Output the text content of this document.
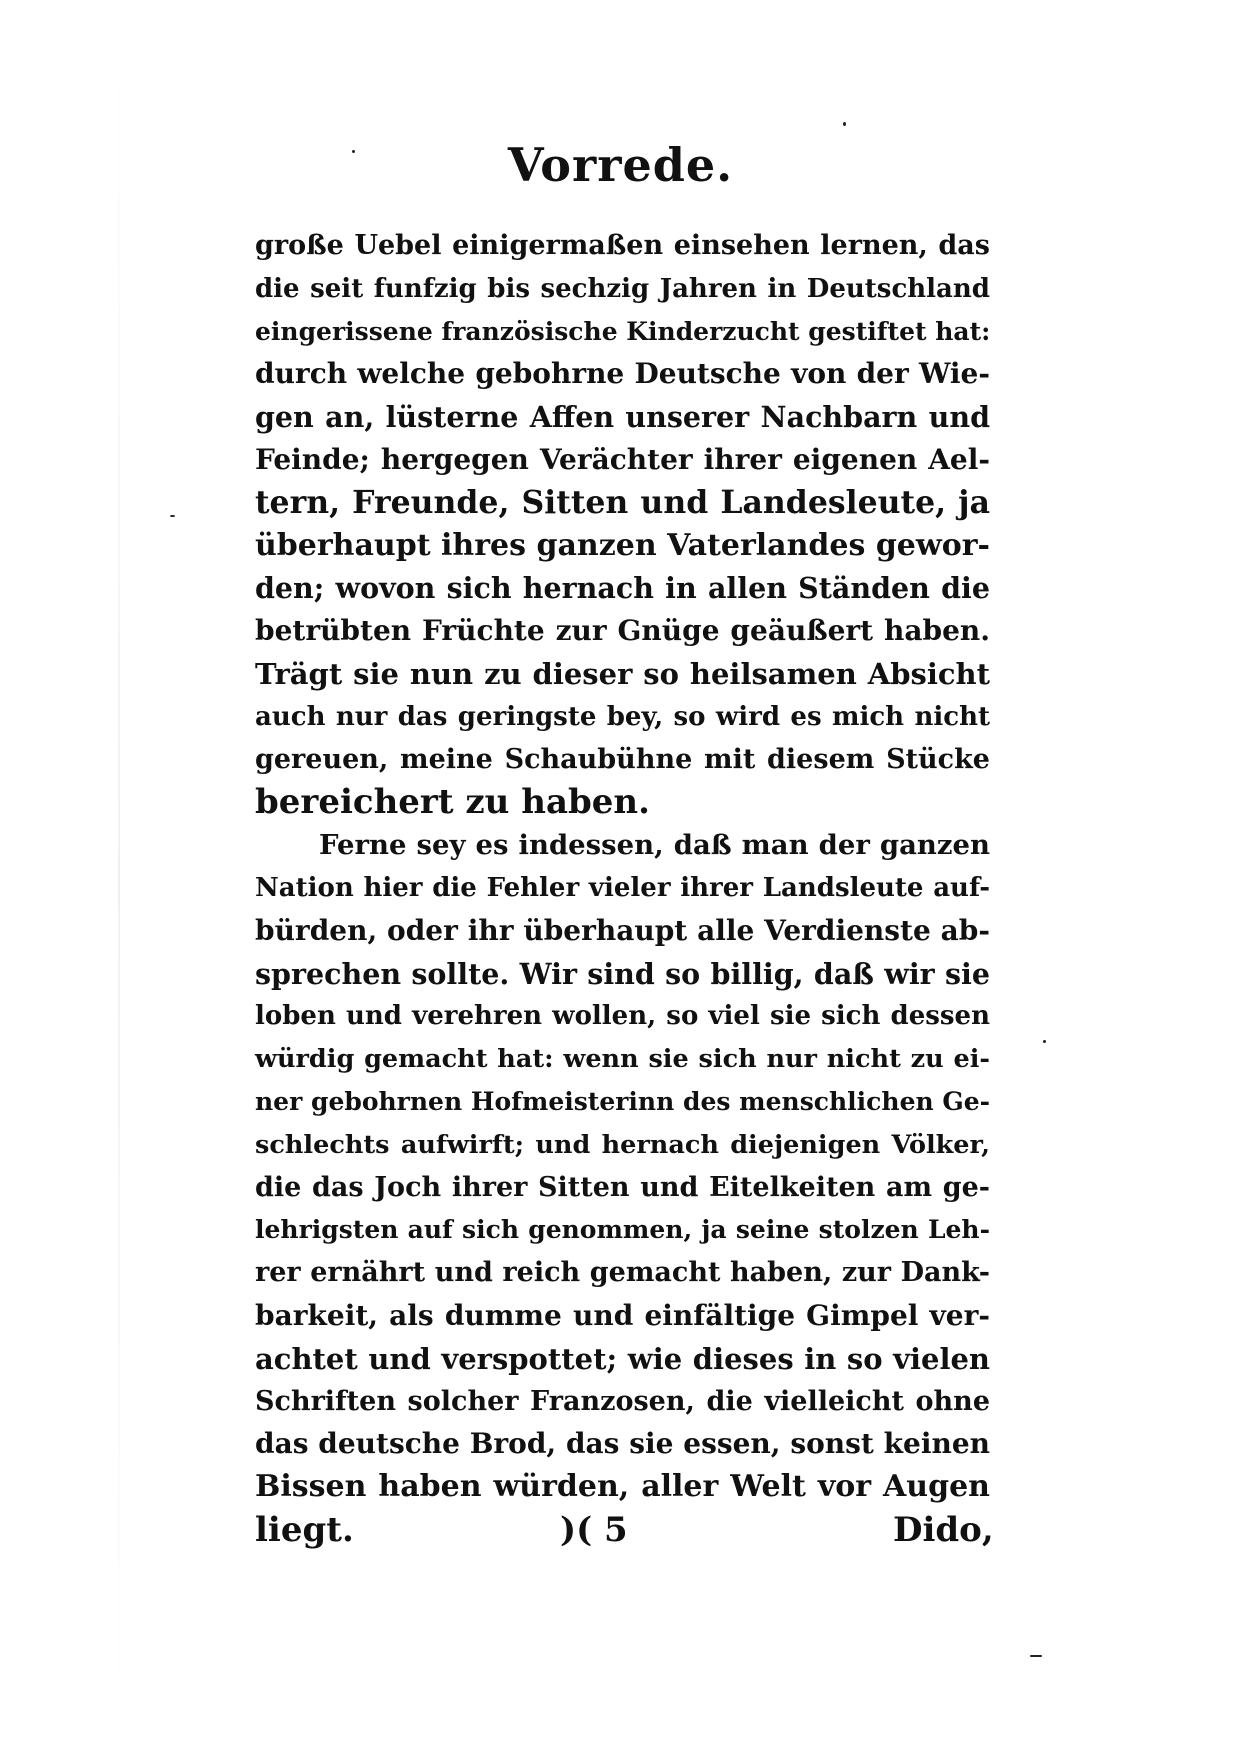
Vorrede.
große Uebel einigermaßen einsehen lernen, das
die seit funfzig bis sechzig Jahren in Deutschland
eingerissene französische Kinderzucht gestiftet hat:
durch welche gebohrne Deutsche von der Wie-
gen an, lüsterne Affen unserer Nachbarn und
Feinde; hergegen Verächter ihrer eigenen Ael-
tern, Freunde, Sitten und Landesleute, ja
überhaupt ihres ganzen Vaterlandes gewor-
den; wovon sich hernach in allen Ständen die
betrübten Früchte zur Gnüge geäußert haben.
Trägt sie nun zu dieser so heilsamen Absicht
auch nur das geringste bey, so wird es mich nicht
gereuen, meine Schaubühne mit diesem Stücke
bereichert zu haben.
Ferne sey es indessen, daß man der ganzen
Nation hier die Fehler vieler ihrer Landsleute auf-
bürden, oder ihr überhaupt alle Verdienste ab-
sprechen sollte. Wir sind so billig, daß wir sie
loben und verehren wollen, so viel sie sich dessen
würdig gemacht hat: wenn sie sich nur nicht zu ei-
ner gebohrnen Hofmeisterinn des menschlichen Ge-
schlechts aufwirft; und hernach diejenigen Völker,
die das Joch ihrer Sitten und Eitelkeiten am ge-
lehrigsten auf sich genommen, ja seine stolzen Leh-
rer ernährt und reich gemacht haben, zur Dank-
barkeit, als dumme und einfältige Gimpel ver-
achtet und verspottet; wie dieses in so vielen
Schriften solcher Franzosen, die vielleicht ohne
das deutsche Brod, das sie essen, sonst keinen
Bissen haben würden, aller Welt vor Augen
liegt.	)( 5	Dido,
